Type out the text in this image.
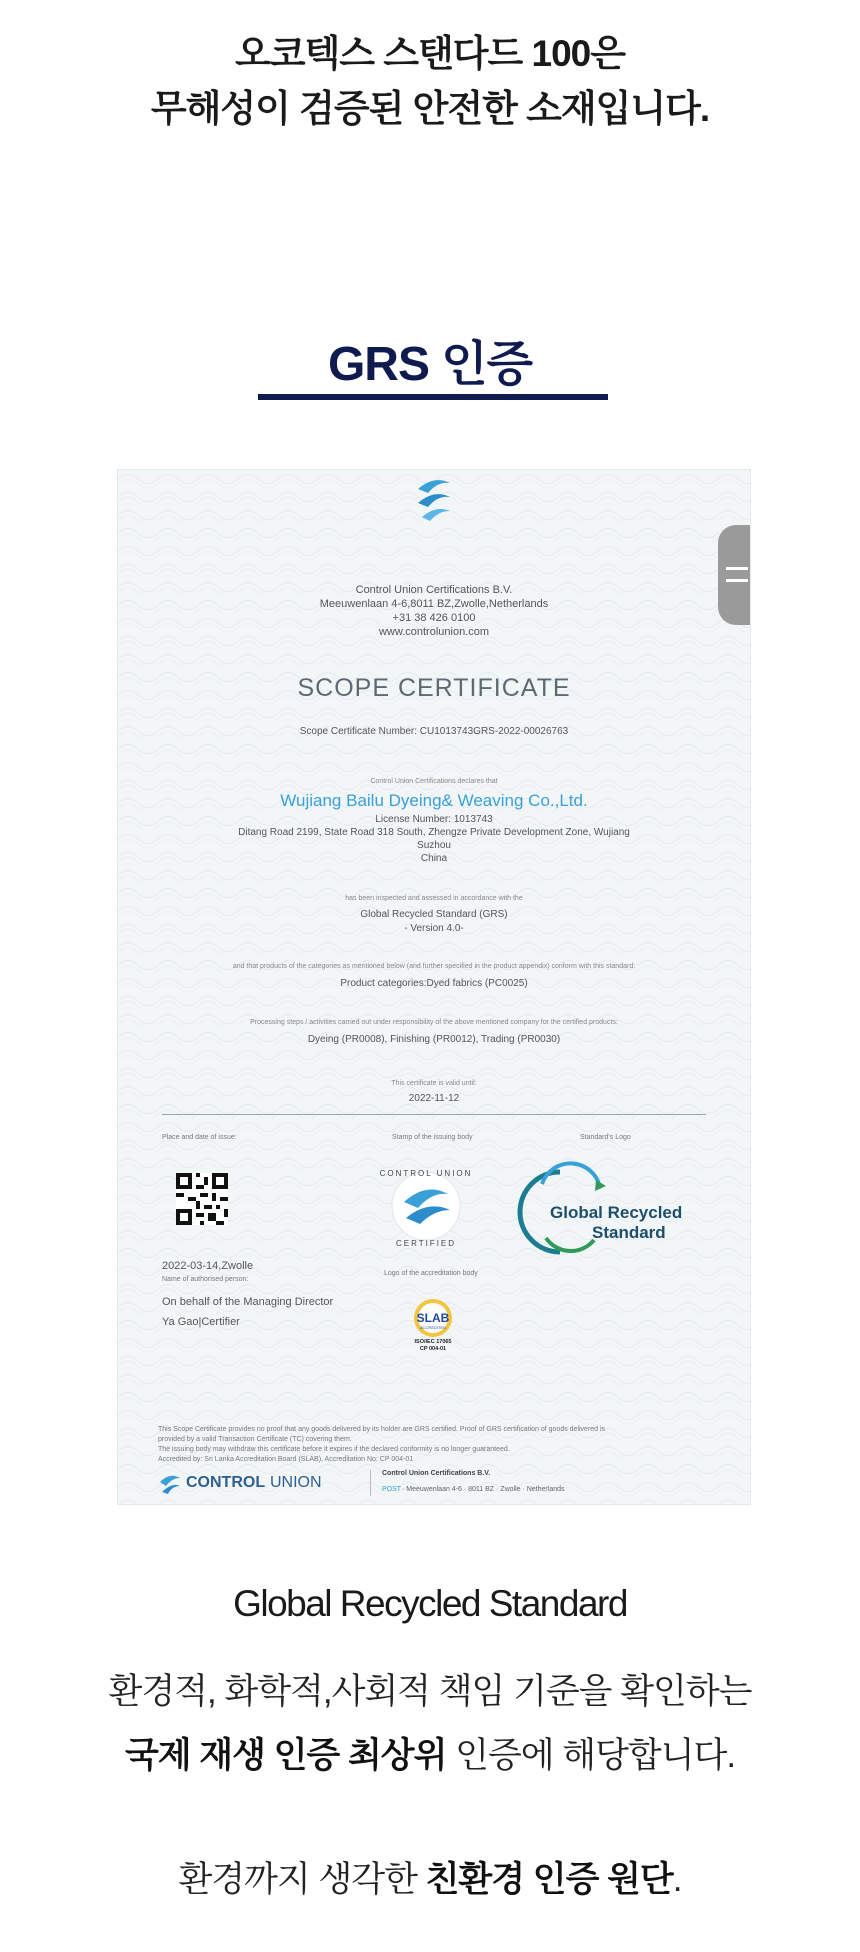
오코텍스 스탠다드 100은
무해성이 검증된 안전한 소재입니다.
GRS 인증
Control Union Certifications B.V.
Meeuwenlaan 4-6,8011 BZ,Zwolle,Netherlands
+31 38 426 0100
www.controlunion.com
SCOPE CERTIFICATE
Scope Certificate Number: CU1013743GRS-2022-00026763
Control Union Certifications declares that
Wujiang Bailu Dyeing& Weaving Co.,Ltd.
License Number: 1013743
Ditang Road 2199, State Road 318 South, Zhengze Private Development Zone, Wujiang
Suzhou
China
has been inspected and assessed in accordance with the
Global Recycled Standard (GRS)
- Version 4.0-
and that products of the categories as mentioned below (and further specified in the product appendix) conform with this standard:
Product categories:Dyed fabrics (PC0025)
Processing steps / activities carried out under responsibility of the above mentioned company for the certified products:
Dyeing (PR0008), Finishing (PR0012), Trading (PR0030)
This certificate is valid until:
2022-11-12
Place and date of issue:	Stamp of the issuing body	Standard's Logo
CONTROL UNION
CERTIFIED
Global Recycled
Standard
2022-03-14,Zwolle
Name of authorised person:
Logo of the accreditation body
On behalf of the Managing Director
Ya Gao|Certifier	SLAB
ACCREDITED
ISO/IEC 17065
CP 004-01
This Scope Certificate provides no proof that any goods delivered by its holder are GRS certified. Proof of GRS certification of goods delivered is
provided by a valid Transaction Certificate (TC) covering them.
The issuing body may withdraw this certificate before it expires if the declared conformity is no longer guaranteed.
Accredited by: Sri Lanka Accreditation Board (SLAB), Accreditation No: CP 004-01
CONTROL UNION
Control Union Certifications B.V.
POST · Meeuwenlaan 4-6 · 8011 BZ · Zwolle · Netherlands
Global Recycled Standard
환경적, 화학적,사회적 책임 기준을 확인하는
국제 재생 인증 최상위 인증에 해당합니다.
환경까지 생각한 친환경 인증 원단.
